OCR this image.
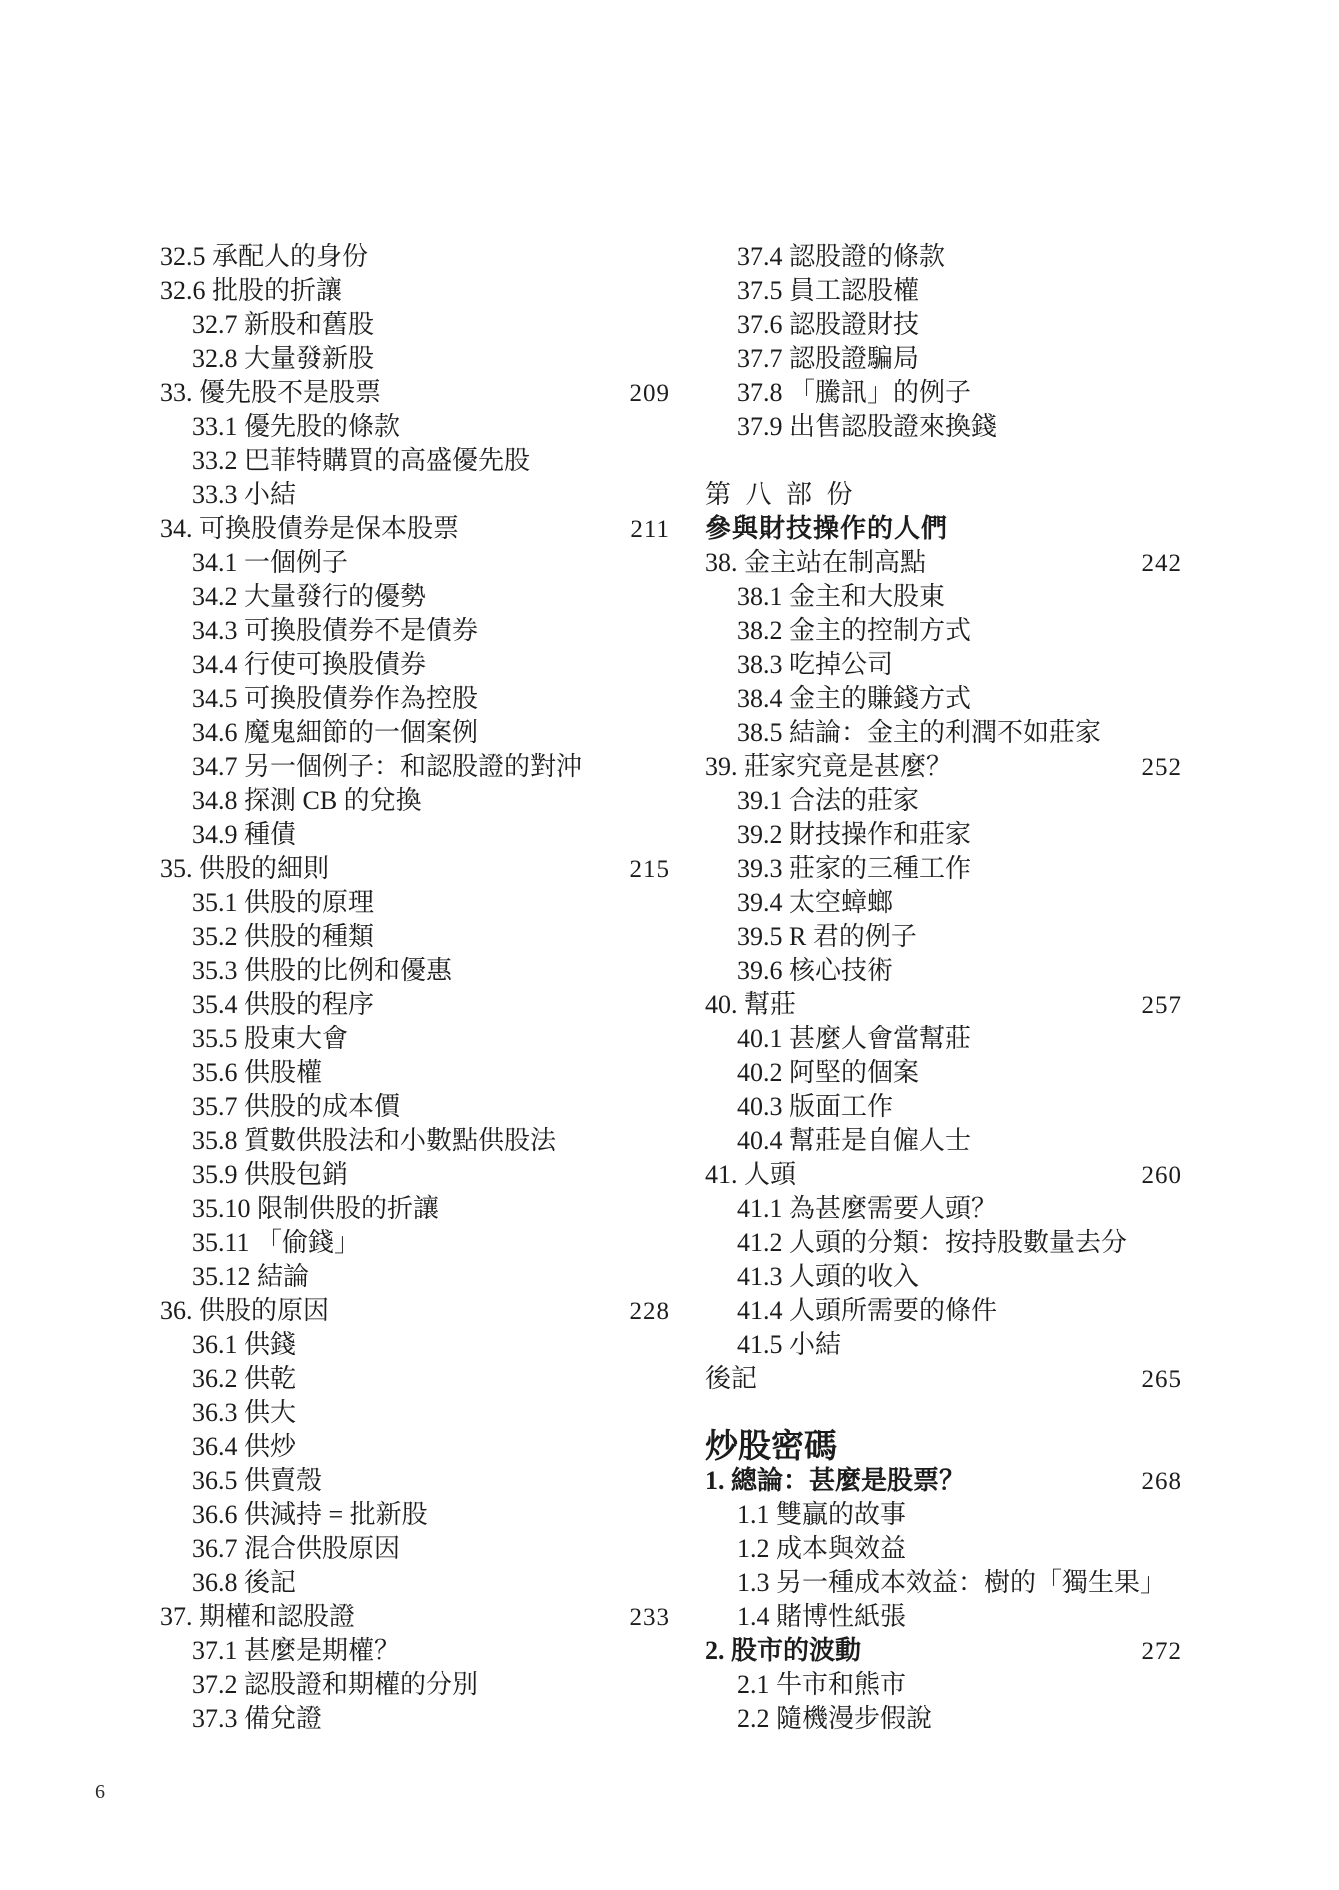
32.5 承配人的身份
32.6 批股的折讓
32.7 新股和舊股
32.8 大量發新股
33. 優先股不是股票	209
33.1 優先股的條款
33.2 巴菲特購買的高盛優先股
33.3 小結
34. 可換股債券是保本股票	211
34.1 一個例子
34.2 大量發行的優勢
34.3 可換股債券不是債券
34.4 行使可換股債券
34.5 可換股債券作為控股
34.6 魔鬼細節的一個案例
34.7 另一個例子：和認股證的對沖
34.8 探測 CB 的兌換
34.9 種債
35. 供股的細則	215
35.1 供股的原理
35.2 供股的種類
35.3 供股的比例和優惠
35.4 供股的程序
35.5 股東大會
35.6 供股權
35.7 供股的成本價
35.8 質數供股法和小數點供股法
35.9 供股包銷
35.10 限制供股的折讓
35.11 「偷錢」
35.12 結論
36. 供股的原因	228
36.1 供錢
36.2 供乾
36.3 供大
36.4 供炒
36.5 供賣殼
36.6 供減持 = 批新股
36.7 混合供股原因
36.8 後記
37. 期權和認股證	233
37.1 甚麼是期權？
37.2 認股證和期權的分別
37.3 備兌證
37.4 認股證的條款
37.5 員工認股權
37.6 認股證財技
37.7 認股證騙局
37.8 「騰訊」的例子
37.9 出售認股證來換錢
第 八 部 份
參與財技操作的人們
38. 金主站在制高點	242
38.1 金主和大股東
38.2 金主的控制方式
38.3 吃掉公司
38.4 金主的賺錢方式
38.5 結論：金主的利潤不如莊家
39. 莊家究竟是甚麼？	252
39.1 合法的莊家
39.2 財技操作和莊家
39.3 莊家的三種工作
39.4 太空蟑螂
39.5 R 君的例子
39.6 核心技術
40. 幫莊	257
40.1 甚麼人會當幫莊
40.2 阿堅的個案
40.3 版面工作
40.4 幫莊是自僱人士
41. 人頭	260
41.1 為甚麼需要人頭？
41.2 人頭的分類：按持股數量去分
41.3 人頭的收入
41.4 人頭所需要的條件
41.5 小結
後記	265
炒股密碼
1. 總論：甚麼是股票？	268
1.1 雙贏的故事
1.2 成本與效益
1.3 另一種成本效益：樹的「獨生果」
1.4 賭博性紙張
2. 股市的波動	272
2.1 牛市和熊市
2.2 隨機漫步假說
6
